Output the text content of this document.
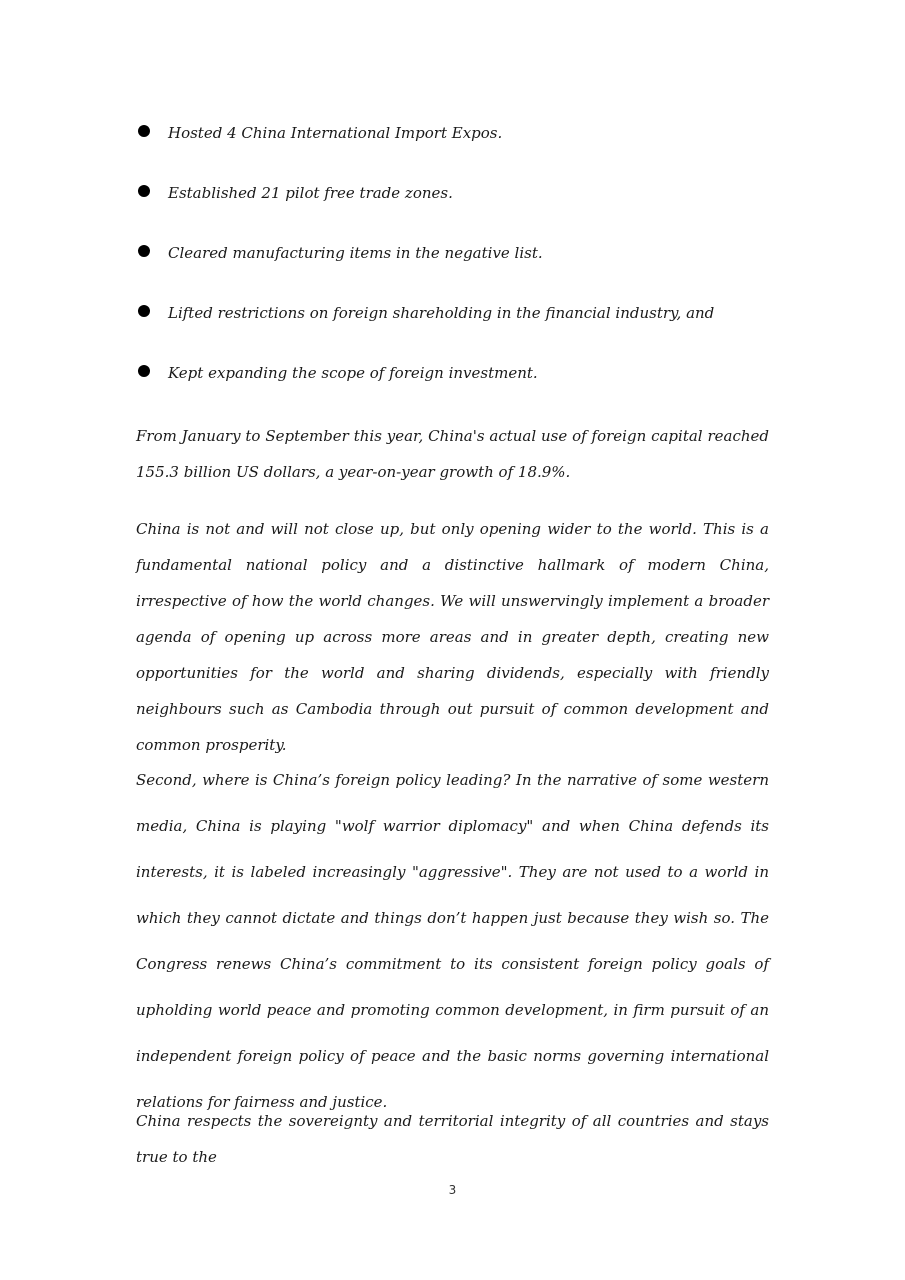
Hosted 4 China International Import Expos.
Established 21 pilot free trade zones.
Cleared manufacturing items in the negative list.
Lifted restrictions on foreign shareholding in the financial industry, and
Kept expanding the scope of foreign investment.

From January to September this year, China's actual use of foreign capital reached 155.3 billion US dollars, a year-on-year growth of 18.9%.

China is not and will not close up, but only opening wider to the world. This is a fundamental national policy and a distinctive hallmark of modern China, irrespective of how the world changes. We will unswervingly implement a broader agenda of opening up across more areas and in greater depth, creating new opportunities for the world and sharing dividends, especially with friendly neighbours such as Cambodia through out pursuit of common development and common prosperity.

Second, where is China’s foreign policy leading? In the narrative of some western media, China is playing "wolf warrior diplomacy" and when China defends its interests, it is labeled increasingly "aggressive". They are not used to a world in which they cannot dictate and things don’t happen just because they wish so. The Congress renews China’s commitment to its consistent foreign policy goals of upholding world peace and promoting common development, in firm pursuit of an independent foreign policy of peace and the basic norms governing international relations for fairness and justice.

China respects the sovereignty and territorial integrity of all countries and stays true to the

3
